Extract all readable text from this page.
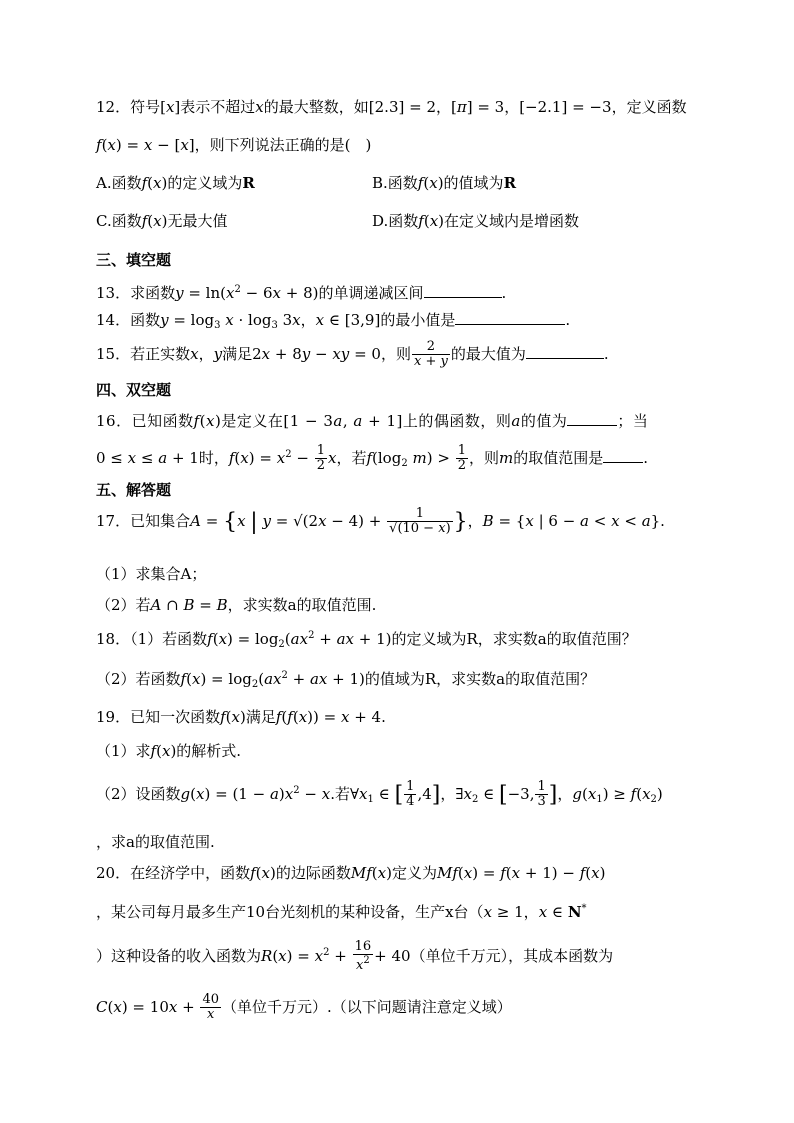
12．符号[x]表示不超过x的最大整数，如[2.3] = 2，[π] = 3，[−2.1] = −3，定义函数
f(x) = x − [x]，则下列说法正确的是(　)
A.函数f(x)的定义域为R	B.函数f(x)的值域为R
C.函数f(x)无最大值	D.函数f(x)在定义域内是增函数
三、填空题
13．求函数$y = \ln(x^2 - 6x + 8)$的单调递减区间	.
14．函数$y = \log_3 x \cdot \log_3 3x$，x ∈ [3,9]的最小值是	.
15．若正实数x，y满足2x + 8y − xy = 0，则 $\frac{2}{x + y}$ 的最大值为	.
四、双空题
16．已知函数f(x)是定义在[1 − 3a, a + 1]上的偶函数，则a的值为	；当
0 ≤ x ≤ a + 1时，$f(x) = x^2 - \frac{1}{2}$ x，若$f(\log_2$ $m) > \frac{1}{2}$ ，则m的取值范围是	.
五、解答题
17．已知集合A = {x | $y = √(2x - 4) + \frac{1}{√(10 - x)}$ }，B = {x | 6 − a < x < a}.
（1）求集合A；
（2）若A ∩ B = B，求实数a的取值范围.
18．（1）若函数$f(x) = \log_2(ax^2$ + ax + 1)的定义域为R，求实数a的取值范围？
（2）若函数$f(x) = \log_2(ax^2$ + ax + 1)的值域为R，求实数a的取值范围？
19．已知一次函数f(x)满足f(f(x)) = x + 4.
（1）求f(x)的解析式.
（2）设函数$g(x) = (1 - a)x^2 - x$.若$\forall x_1$ ∈ [ $\frac{1}{4} ,4$]，$\exists x_2$ ∈ [−3, $\frac{1}{3}$ ]，$g(x_1) \ge f(x_2)$
，求a的取值范围.
20．在经济学中，函数f(x)的边际函数Mf(x)定义为Mf(x) = f(x + 1) − f(x)
，某公司每月最多生产10台光刻机的某种设备，生产x台（x ≥ 1，x ∈ N*
）这种设备的收入函数为$R(x) = x^2 + \frac{16}{x^2} + 40$（单位千万元），其成本函数为
$C(x) = 10x + \frac{40}{x}$ （单位千万元）.（以下问题请注意定义域）
